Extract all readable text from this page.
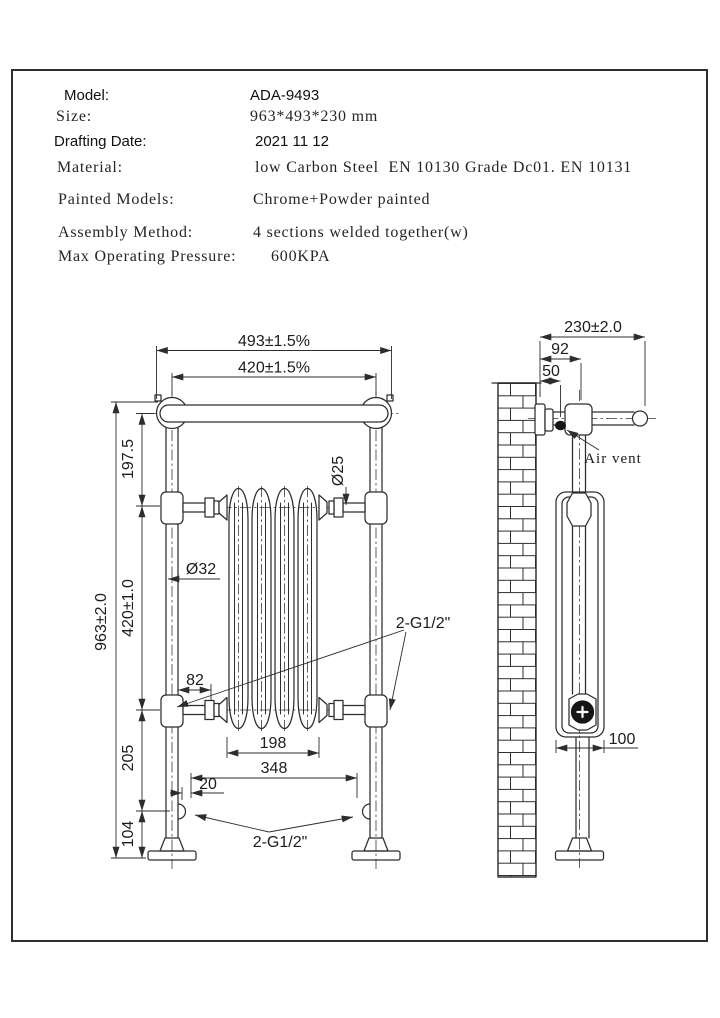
Model:	ADA-9493
Size:	963*493*230 mm
Drafting Date:	2021 11 12
Material:	low Carbon Steel  EN 10130 Grade Dc01. EN 10131
Painted Models:	Chrome+Powder painted
Assembly Method:	4 sections welded together(w)
Max Operating Pressure: 600KPA
493±1.5%
420±1.5%
197.5
963±2.0 420±1.0
205
104
Ø25
Ø32
82
198
348
20
2-G1/2"
2-G1/2"
230±2.0
92
50
100
Air vent
